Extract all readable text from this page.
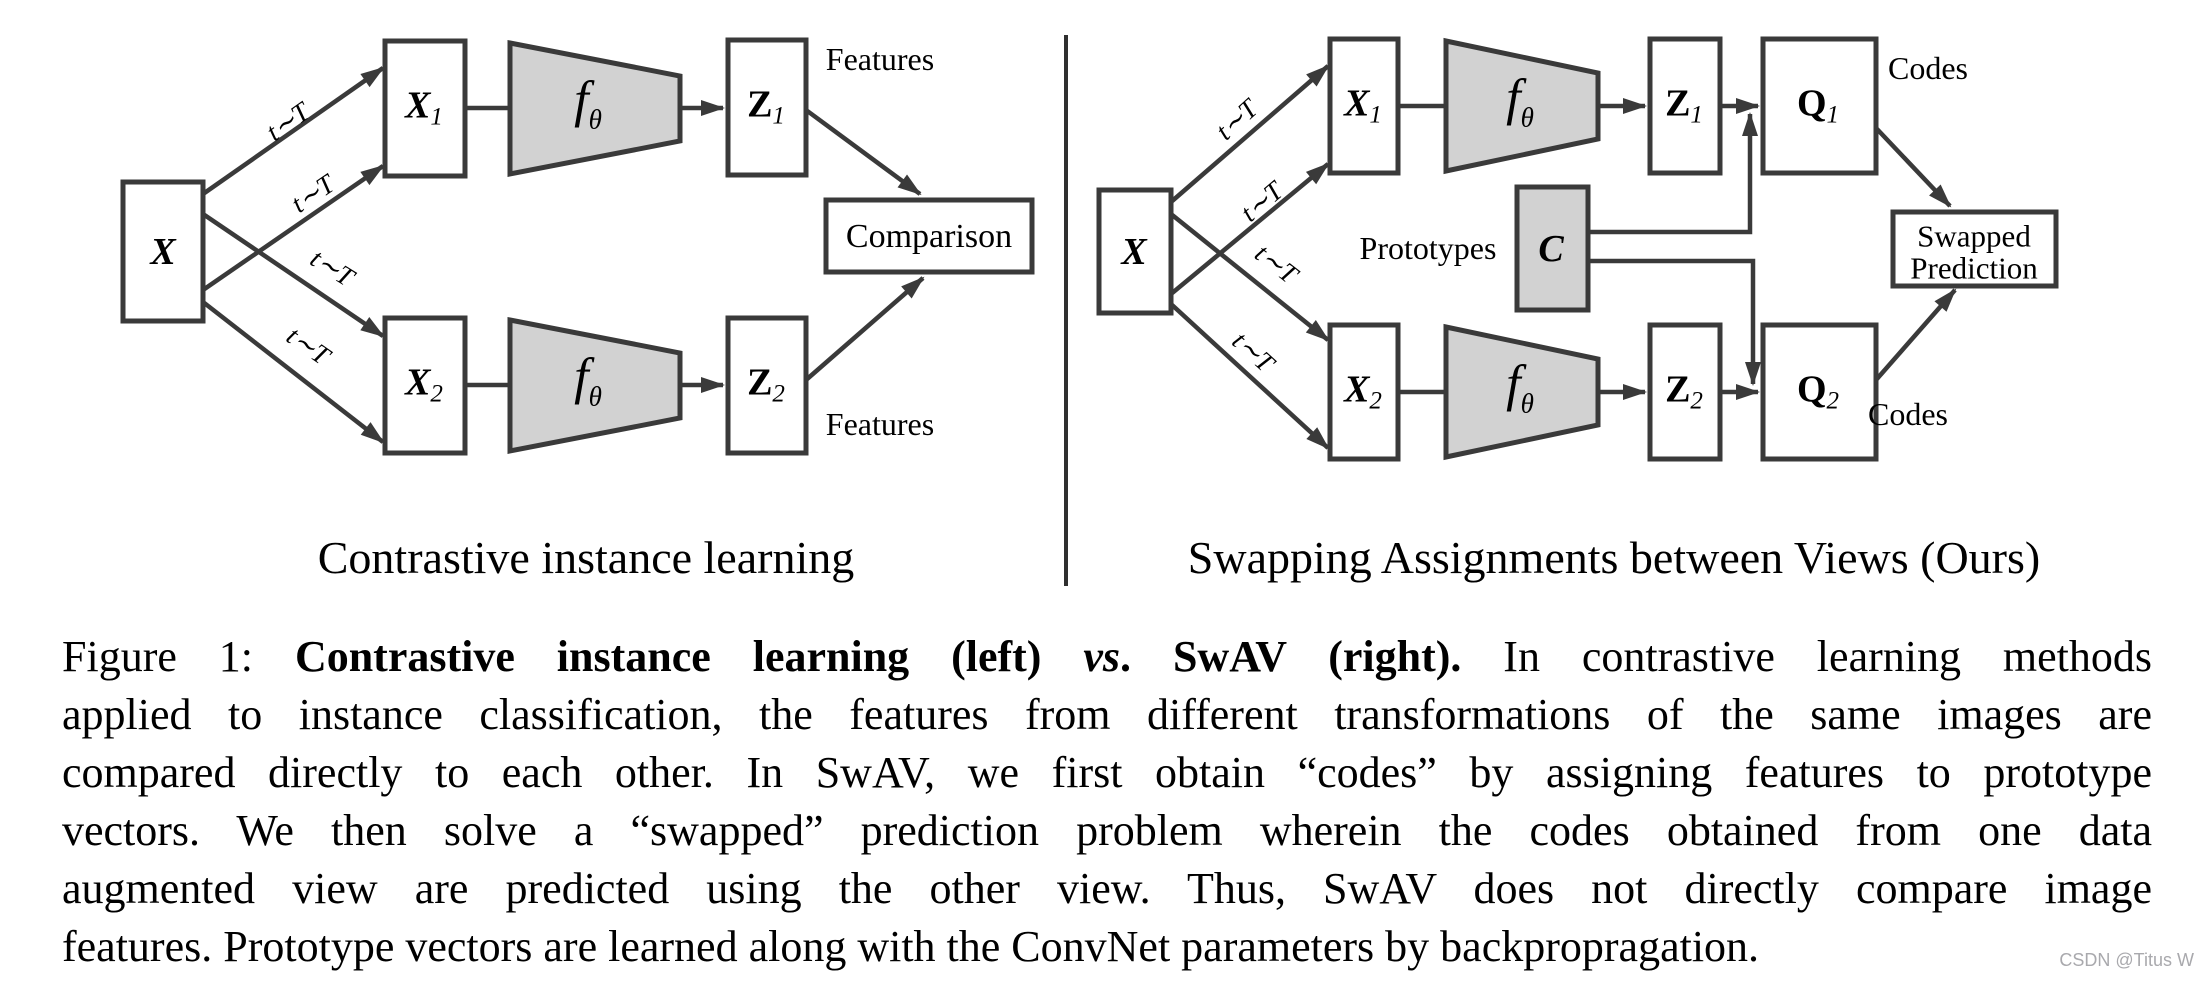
X
X1
X2
fθ
fθ
Z1
Z2
Comparison
Features
Features
t∼T
t∼T
t∼T
t∼T
Contrastive instance learning
X
X1
X2
fθ
fθ
Z1
Z2
Q1
Q2
C
Prototypes
Codes
Codes
Swapped
Prediction
t∼T
t∼T
t∼T
t∼T
Swapping Assignments between Views (Ours)
Figure 1: Contrastive instance learning (left) vs. SwAV (right). In contrastive learning methods
applied to instance classification, the features from different transformations of the same images are
compared directly to each other. In SwAV, we first obtain “codes” by assigning features to prototype
vectors. We then solve a “swapped” prediction problem wherein the codes obtained from one data
augmented view are predicted using the other view. Thus, SwAV does not directly compare image
features. Prototype vectors are learned along with the ConvNet parameters by backpropragation.	CSDN @Titus W
